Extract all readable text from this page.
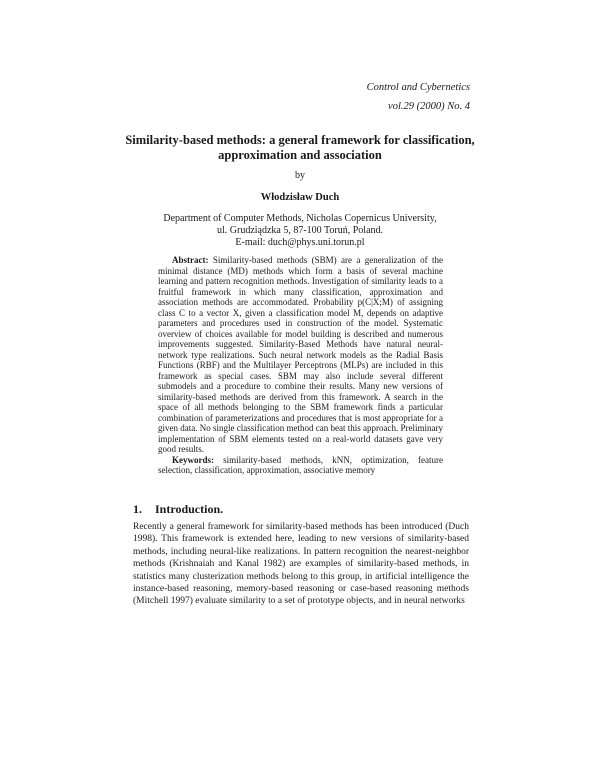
Control and Cybernetics
vol.29 (2000) No. 4
Similarity-based methods: a general framework for classification,
approximation and association
by
Włodzisław Duch
Department of Computer Methods, Nicholas Copernicus University,
ul. Grudziądzka 5, 87-100 Toruń, Poland.
E-mail: duch@phys.uni.torun.pl

Abstract: Similarity-based methods (SBM) are a generalization of the minimal distance (MD) methods which form a basis of several machine learning and pattern recognition methods. Investigation of similarity leads to a fruitful framework in which many classification, approximation and association methods are accommodated. Probability p(C|X;M) of assigning class C to a vector X, given a classification model M, depends on adaptive parameters and procedures used in construction of the model. Systematic overview of choices available for model building is described and numerous improvements suggested. Similarity-Based Methods have natural neural-network type realizations. Such neural network models as the Radial Basis Functions (RBF) and the Multilayer Perceptrons (MLPs) are included in this framework as special cases. SBM may also include several different submodels and a procedure to combine their results. Many new versions of similarity-based methods are derived from this framework. A search in the space of all methods belonging to the SBM framework finds a particular combination of parameterizations and procedures that is most appropriate for a given data. No single classification method can beat this approach. Preliminary implementation of SBM elements tested on a real-world datasets gave very good results.

Keywords: similarity-based methods, kNN, optimization, feature selection, classification, approximation, associative memory

1. Introduction.

Recently a general framework for similarity-based methods has been introduced (Duch 1998). This framework is extended here, leading to new versions of similarity-based methods, including neural-like realizations. In pattern recognition the nearest-neighbor methods (Krishnaiah and Kanal 1982) are examples of similarity-based methods, in statistics many clusterization methods belong to this group, in artificial intelligence the instance-based reasoning, memory-based reasoning or case-based reasoning methods (Mitchell 1997) evaluate similarity to a set of prototype objects, and in neural networks
